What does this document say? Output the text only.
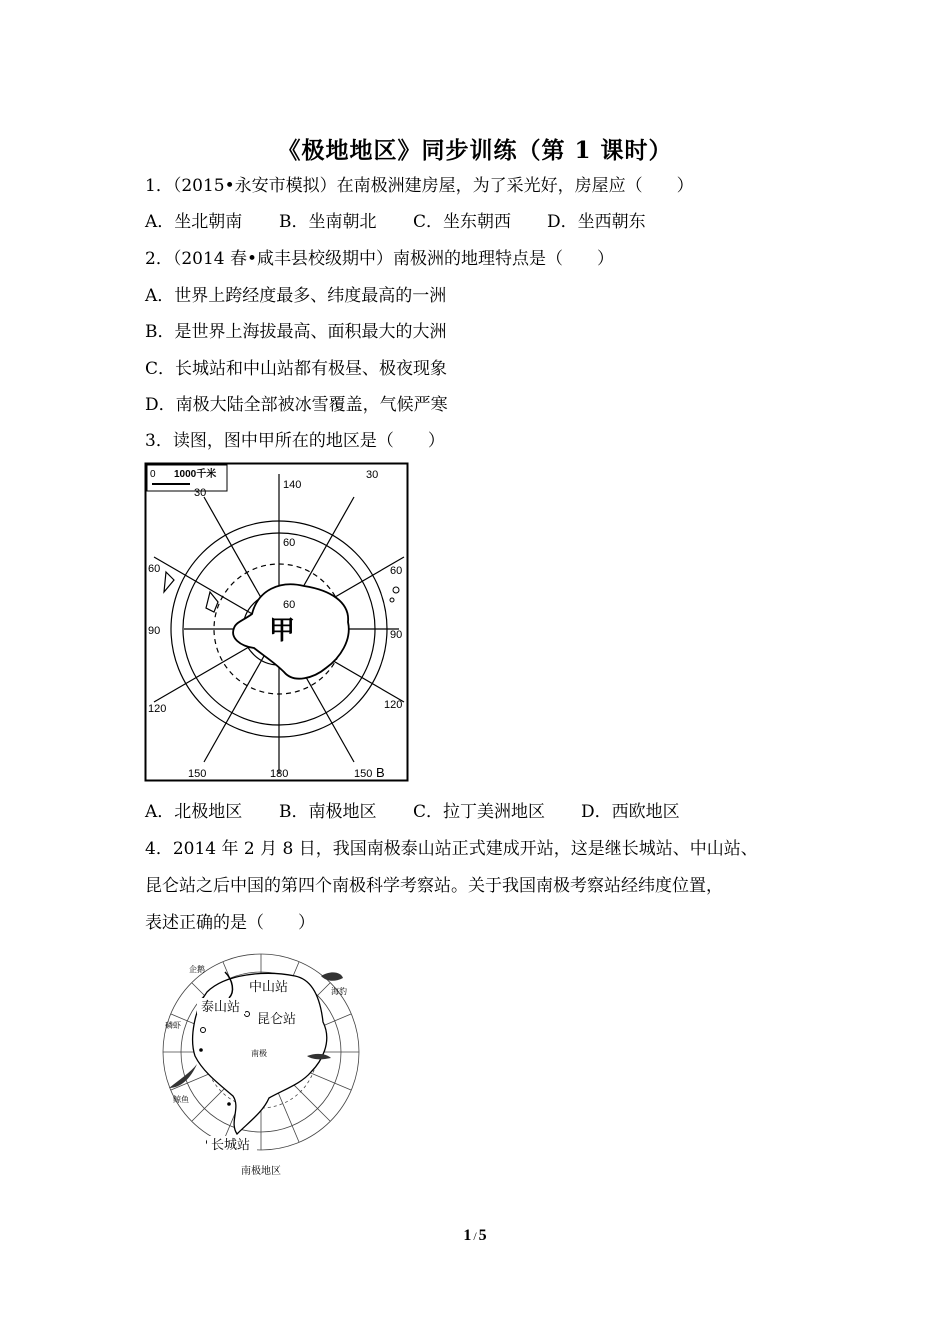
《极地地区》同步训练（第 1 课时）
1．（2015•永安市模拟）在南极洲建房屋，为了采光好，房屋应（　　）
A．坐北朝南 B．坐南朝北 C．坐东朝西 D．坐西朝东
2．（2014 春•咸丰县校级期中）南极洲的地理特点是（　　）
A．世界上跨经度最多、纬度最高的一洲
B．是世界上海拔最高、面积最大的大洲
C．长城站和中山站都有极昼、极夜现象
D．南极大陆全部被冰雪覆盖，气候严寒
3．读图，图中甲所在的地区是（　　）
0 1000千米
甲
30
30
140
60
60
60	60
90	90
120	120
150	180	150 B
A．北极地区 B．南极地区 C．拉丁美洲地区 D．西欧地区
4．2014 年 2 月 8 日，我国南极泰山站正式建成开站，这是继长城站、中山站、
昆仑站之后中国的第四个南极科学考察站。关于我国南极考察站经纬度位置，
表述正确的是（　　）
中山站
泰山站
昆仑站
长城站
南极
企鹅
海豹
鲸鱼
磷虾
南极地区
1 / 5
